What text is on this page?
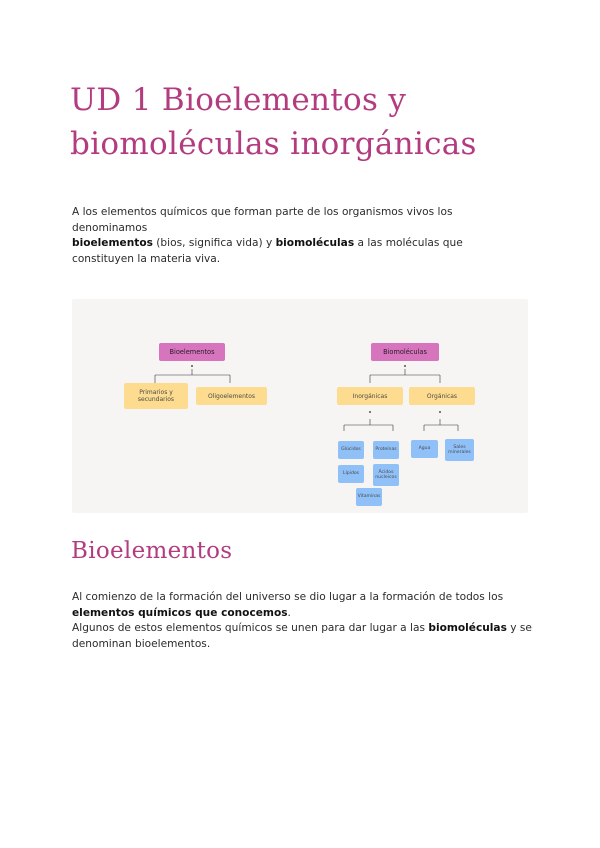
UD 1 Bioelementos y biomoléculas inorgánicas

A los elementos químicos que forman parte de los organismos vivos los denominamos

bioelementos (bios, significa vida) y biomoléculas a las moléculas que constituyen la materia viva.

Bioelementos
Primarios y secundarios	Oligoelementos
Biomoléculas
Inorgánicas	Orgánicas
Glúcidos	Proteínas
Lípidos	Ácidos nucleicos
Vitaminas
Agua	Sales minerales
Bioelementos

Al comienzo de la formación del universo se dio lugar a la formación de todos los

elementos químicos que conocemos.

Algunos de estos elementos químicos se unen para dar lugar a las biomoléculas y se denominan bioelementos.
